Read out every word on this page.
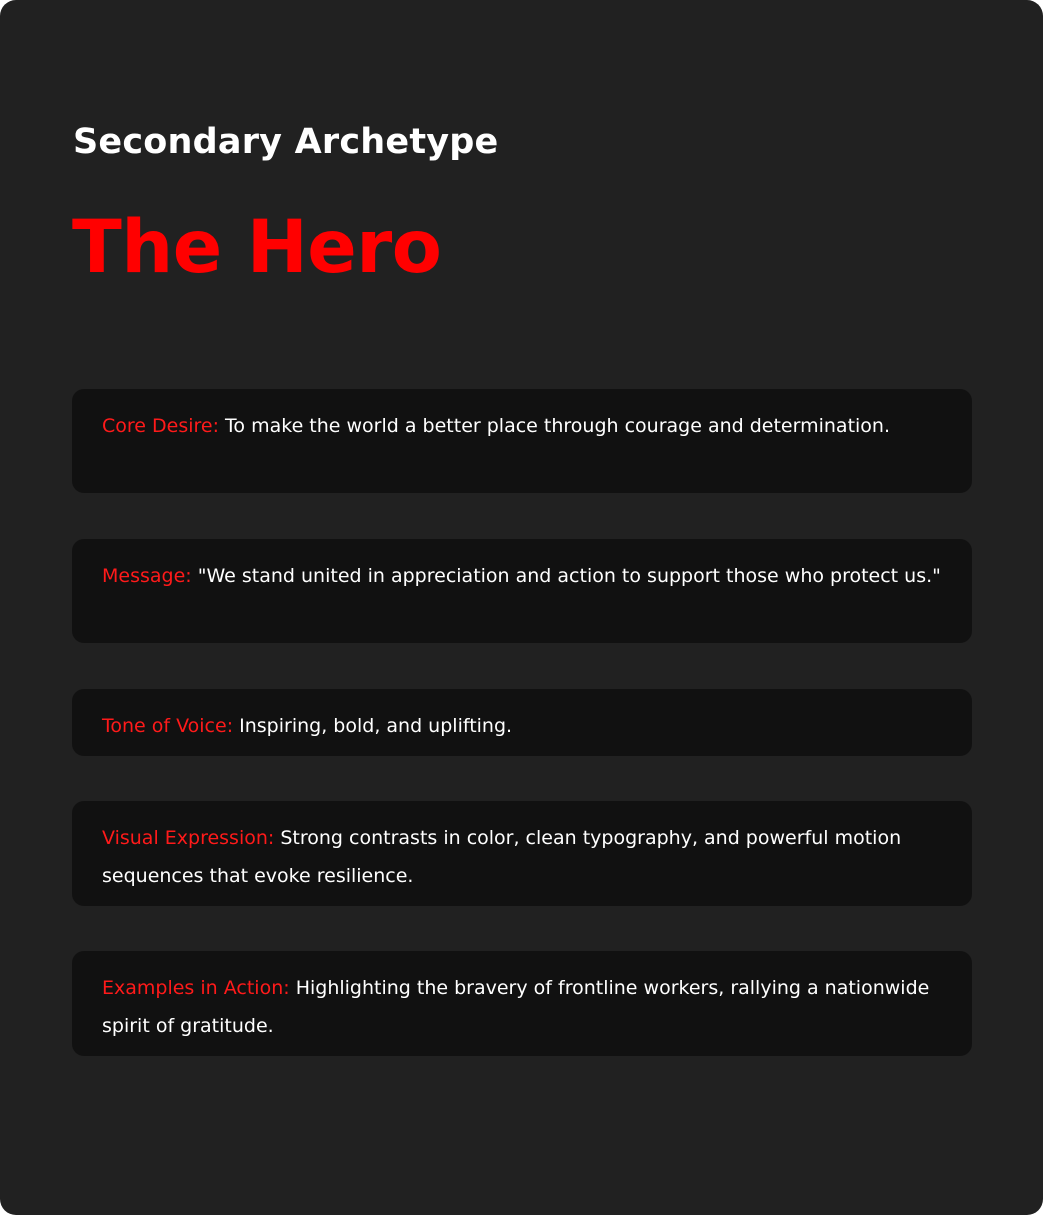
Secondary Archetype
The Hero

Core Desire: To make the world a better place through courage and determination.

Message: "We stand united in appreciation and action to support those who protect us."

Tone of Voice: Inspiring, bold, and uplifting.

Visual Expression: Strong contrasts in color, clean typography, and powerful motion sequences that evoke resilience.

Examples in Action: Highlighting the bravery of frontline workers, rallying a nationwide spirit of gratitude.
